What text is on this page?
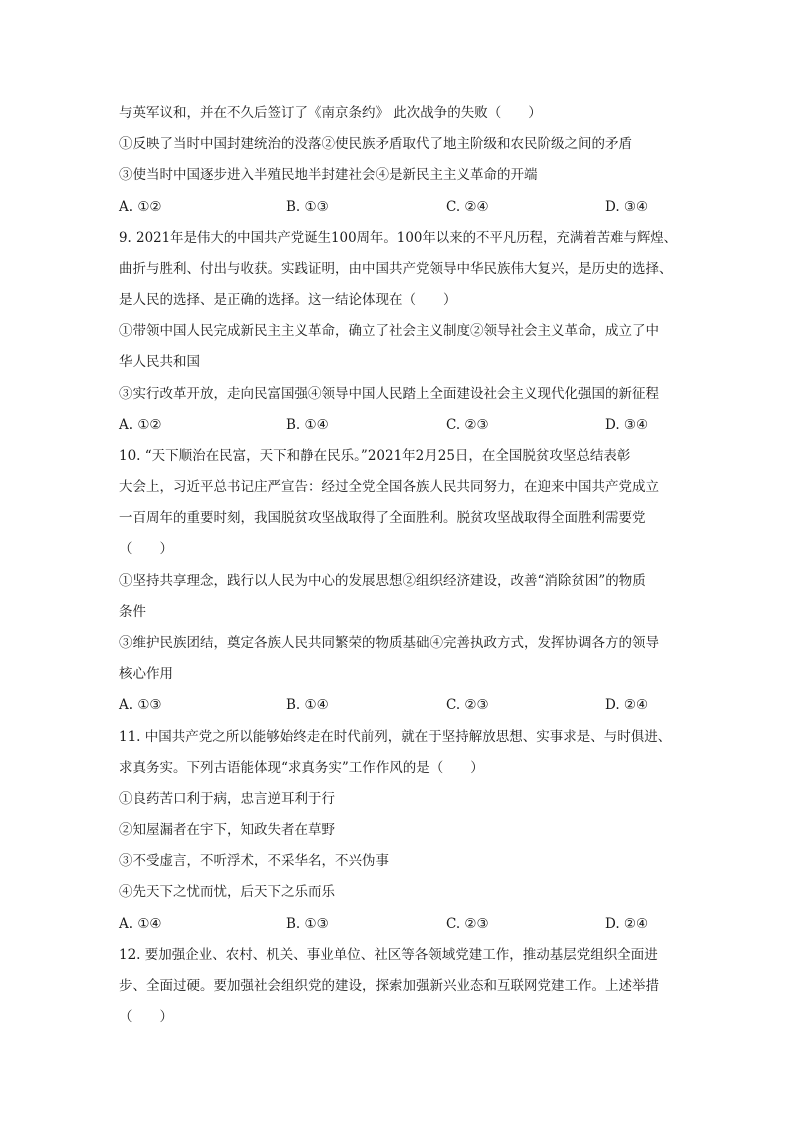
与英军议和，并在不久后签订了《南京条约》 此次战争的失败（　　）
①反映了当时中国封建统治的没落②使民族矛盾取代了地主阶级和农民阶级之间的矛盾
③使当时中国逐步进入半殖民地半封建社会④是新民主主义革命的开端
A. ①②	B. ①③	C. ②④	D. ③④
9. 2021年是伟大的中国共产党诞生100周年。100年以来的不平凡历程，充满着苦难与辉煌、
曲折与胜利、付出与收获。实践证明，由中国共产党领导中华民族伟大复兴，是历史的选择、
是人民的选择、是正确的选择。这一结论体现在（　　）
①带领中国人民完成新民主主义革命，确立了社会主义制度②领导社会主义革命，成立了中
华人民共和国
③实行改革开放，走向民富国强④领导中国人民踏上全面建设社会主义现代化强国的新征程
A. ①②	B. ①④	C. ②③	D. ③④
10. “天下顺治在民富，天下和静在民乐。”2021年2月25日，在全国脱贫攻坚总结表彰
大会上，习近平总书记庄严宣告：经过全党全国各族人民共同努力，在迎来中国共产党成立
一百周年的重要时刻，我国脱贫攻坚战取得了全面胜利。脱贫攻坚战取得全面胜利需要党
（　　）
①坚持共享理念，践行以人民为中心的发展思想②组织经济建设，改善“消除贫困”的物质
条件
③维护民族团结，奠定各族人民共同繁荣的物质基础④完善执政方式，发挥协调各方的领导
核心作用
A. ①③	B. ①④	C. ②③	D. ②④
11. 中国共产党之所以能够始终走在时代前列，就在于坚持解放思想、实事求是、与时俱进、
求真务实。下列古语能体现“求真务实”工作作风的是（　　）
①良药苦口利于病，忠言逆耳利于行
②知屋漏者在宇下，知政失者在草野
③不受虚言，不听浮术，不采华名，不兴伪事
④先天下之忧而忧，后天下之乐而乐
A. ①④	B. ①③	C. ②③	D. ②④
12. 要加强企业、农村、机关、事业单位、社区等各领域党建工作，推动基层党组织全面进
步、全面过硬。要加强社会组织党的建设，探索加强新兴业态和互联网党建工作。上述举措
（　　）
